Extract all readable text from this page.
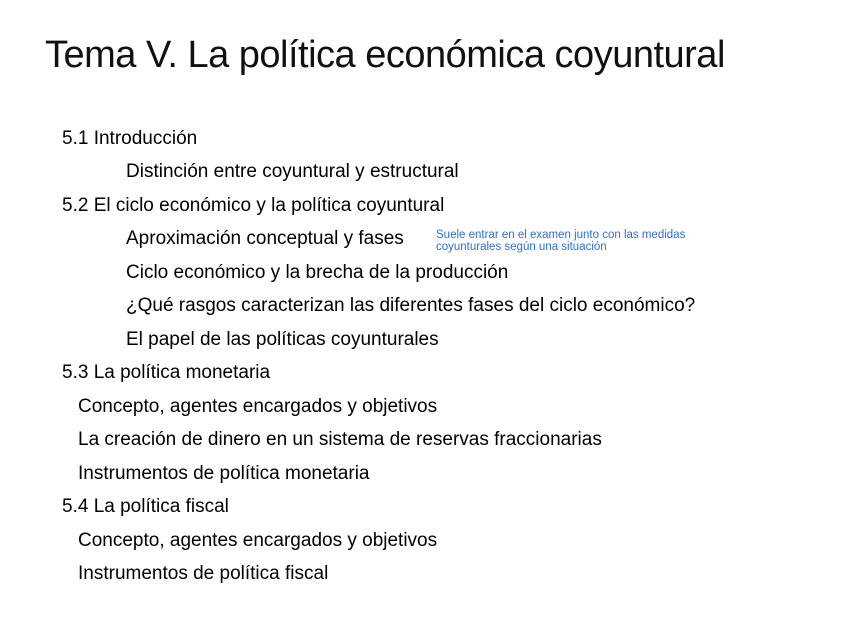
Tema V. La política económica coyuntural
5.1 Introducción
Distinción entre coyuntural y estructural
5.2 El ciclo económico y la política coyuntural
Aproximación conceptual y fases
Ciclo económico y la brecha de la producción
¿Qué rasgos caracterizan las diferentes fases del ciclo económico?
El papel de las políticas coyunturales
5.3 La política monetaria
Concepto, agentes encargados y objetivos
La creación de dinero en un sistema de reservas fraccionarias
Instrumentos de política monetaria
5.4 La política fiscal
Concepto, agentes encargados y objetivos
Instrumentos de política fiscal
Suele entrar en el examen junto con las medidas
coyunturales según una situación
